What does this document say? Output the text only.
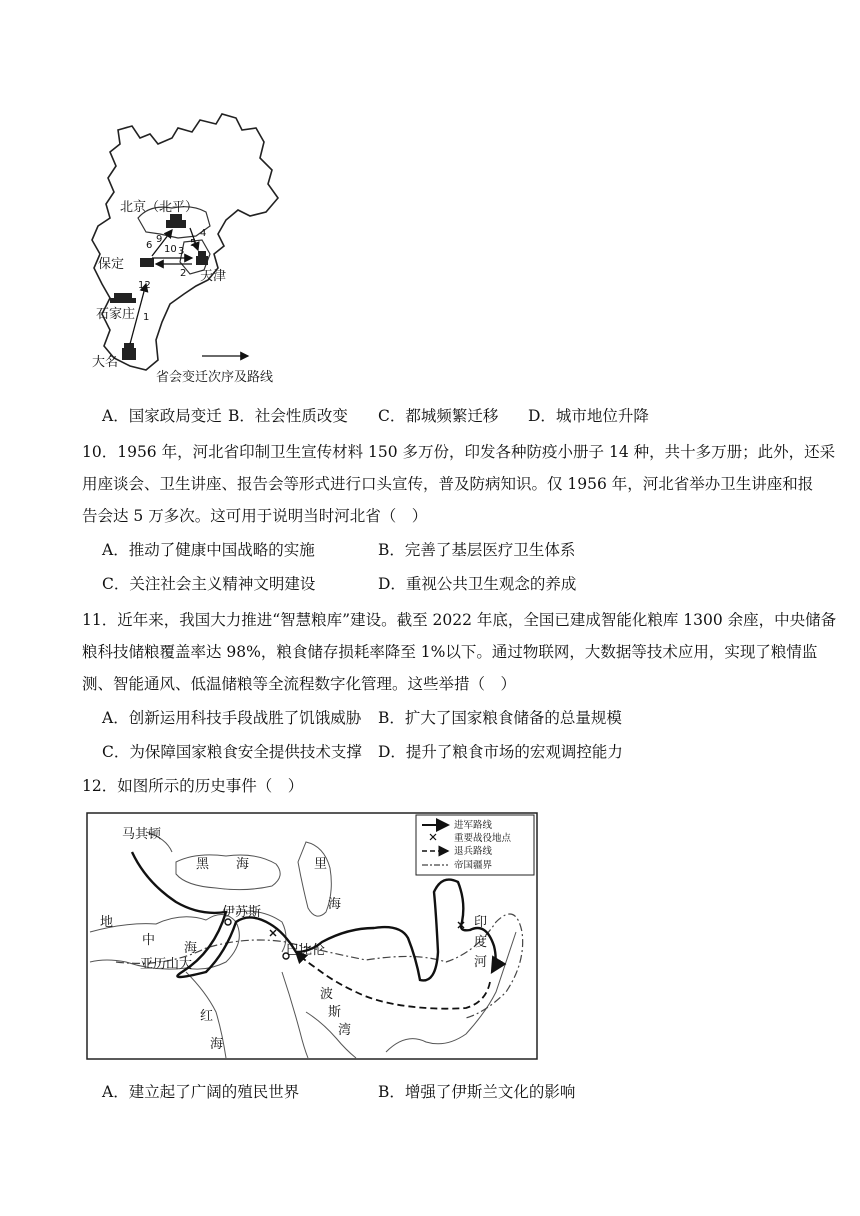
1
12
2
3
10
9
6	5
4
北京（北平）
保定
天津
石家庄
大名
省会变迁次序及路线
A．国家政局变迁 B．社会性质改变 C．都城频繁迁移 D．城市地位升降
10．1956 年，河北省印制卫生宣传材料 150 多万份，印发各种防疫小册子 14 种，共十多万册；此外，还采
用座谈会、卫生讲座、报告会等形式进行口头宣传，普及防病知识。仅 1956 年，河北省举办卫生讲座和报
告会达 5 万多次。这可用于说明当时河北省（　）
A．推动了健康中国战略的实施	B．完善了基层医疗卫生体系
C．关注社会主义精神文明建设	D．重视公共卫生观念的养成
11．近年来，我国大力推进“智慧粮库”建设。截至 2022 年底，全国已建成智能化粮库 1300 余座，中央储备
粮科技储粮覆盖率达 98%，粮食储存损耗率降至 1%以下。通过物联网，大数据等技术应用，实现了粮情监
测、智能通风、低温储粮等全流程数字化管理。这些举措（　）
A．创新运用科技手段战胜了饥饿威胁 B．扩大了国家粮食储备的总量规模
C．为保障国家粮食安全提供技术支撑 D．提升了粮食市场的宏观调控能力
12．如图所示的历史事件（　）
进军路线
重要战役地点
退兵路线
帝国疆界
马其顿
黑 海	里
海
地
中
海
伊苏斯
亚历山大
巴比伦
波
斯
湾
红
海
印
度
河
A．建立起了广阔的殖民世界	B．增强了伊斯兰文化的影响
